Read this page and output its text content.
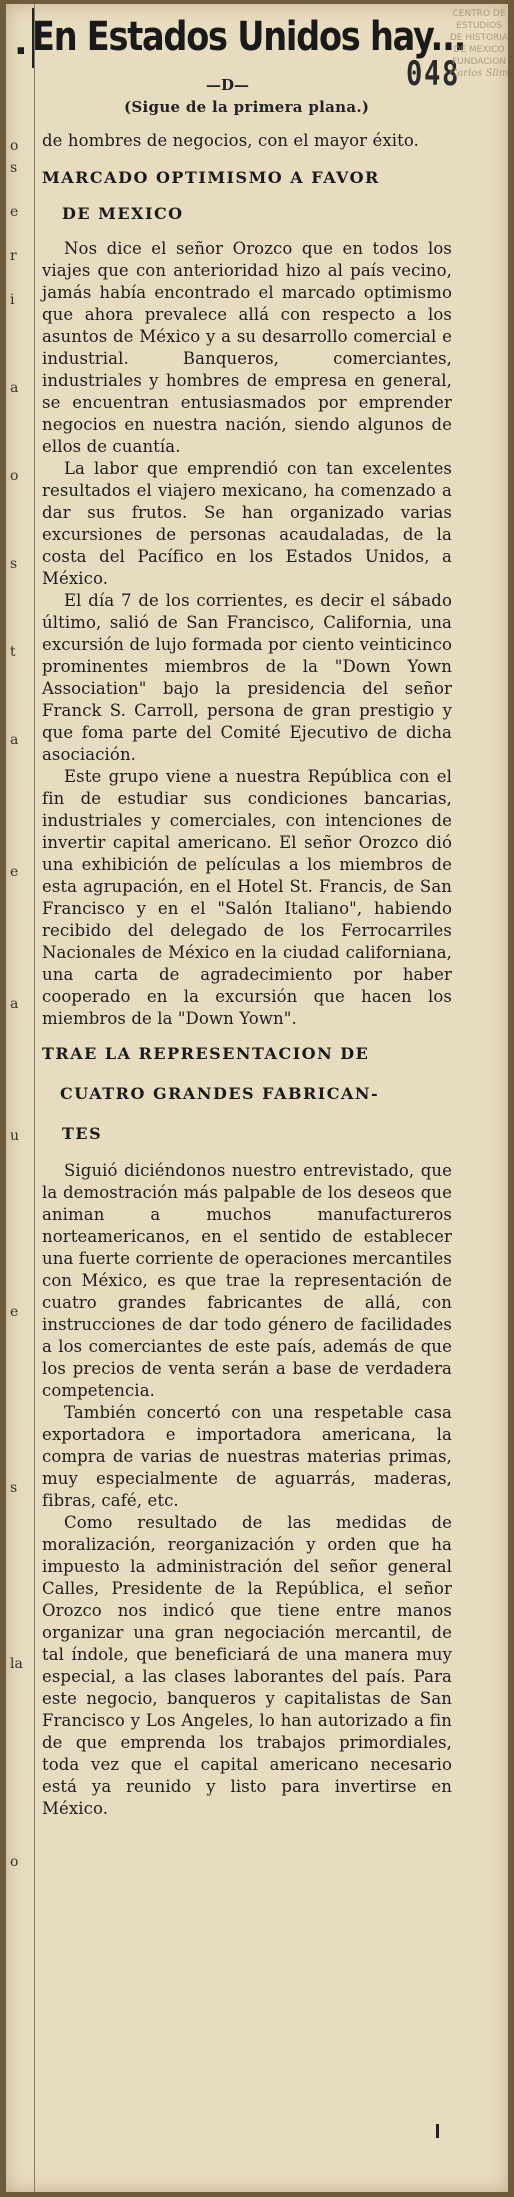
o
s
e
r
i
a
o
s
t
a
e
a
u
e
s
la
o
. En Estados Unidos hay...
048
CENTRO DE
ESTUDIOS
DE HISTORIA
DE MEXICO
FUNDACION
Carlos Slim
—D—
(Sigue de la primera plana.)

de hombres de negocios, con el mayor éxito.

MARCADO OPTIMISMO A FAVOR

DE MEXICO

Nos dice el señor Orozco que en todos los viajes que con anterioridad hizo al país vecino, jamás había encontrado el marcado optimismo que ahora prevalece allá con respecto a los asuntos de México y a su desarrollo comercial e industrial. Banqueros, comerciantes, industriales y hombres de empresa en general, se encuentran entusiasmados por emprender negocios en nuestra nación, siendo algunos de ellos de cuantía.

La labor que emprendió con tan excelentes resultados el viajero mexicano, ha comenzado a dar sus frutos. Se han organizado varias excursiones de personas acaudaladas, de la costa del Pacífico en los Estados Unidos, a México.

El día 7 de los corrientes, es decir el sábado último, salió de San Francisco, California, una excursión de lujo formada por ciento veinticinco prominentes miembros de la "Down Yown Association" bajo la presidencia del señor Franck S. Carroll, persona de gran prestigio y que foma parte del Comité Ejecutivo de dicha asociación.

Este grupo viene a nuestra República con el fin de estudiar sus condiciones bancarias, industriales y comerciales, con intenciones de invertir capital americano. El señor Orozco dió una exhibición de películas a los miembros de esta agrupación, en el Hotel St. Francis, de San Francisco y en el "Salón Italiano", habiendo recibido del delegado de los Ferrocarriles Nacionales de México en la ciudad californiana, una carta de agradecimiento por haber cooperado en la excursión que hacen los miembros de la "Down Yown".

TRAE LA REPRESENTACION DE

CUATRO GRANDES FABRICAN-

TES

Siguió diciéndonos nuestro entrevistado, que la demostración más palpable de los deseos que animan a muchos manufactureros norteamericanos, en el sentido de establecer una fuerte corriente de operaciones mercantiles con México, es que trae la representación de cuatro grandes fabricantes de allá, con instrucciones de dar todo género de facilidades a los comerciantes de este país, además de que los precios de venta serán a base de verdadera competencia.

También concertó con una respetable casa exportadora e importadora americana, la compra de varias de nuestras materias primas, muy especialmente de aguarrás, maderas, fibras, café, etc.

Como resultado de las medidas de moralización, reorganización y orden que ha impuesto la administración del señor general Calles, Presidente de la República, el señor Orozco nos indicó que tiene entre manos organizar una gran negociación mercantil, de tal índole, que beneficiará de una manera muy especial, a las clases laborantes del país. Para este negocio, banqueros y capitalistas de San Francisco y Los Angeles, lo han autorizado a fin de que emprenda los trabajos primordiales, toda vez que el capital americano necesario está ya reunido y listo para invertirse en México.
